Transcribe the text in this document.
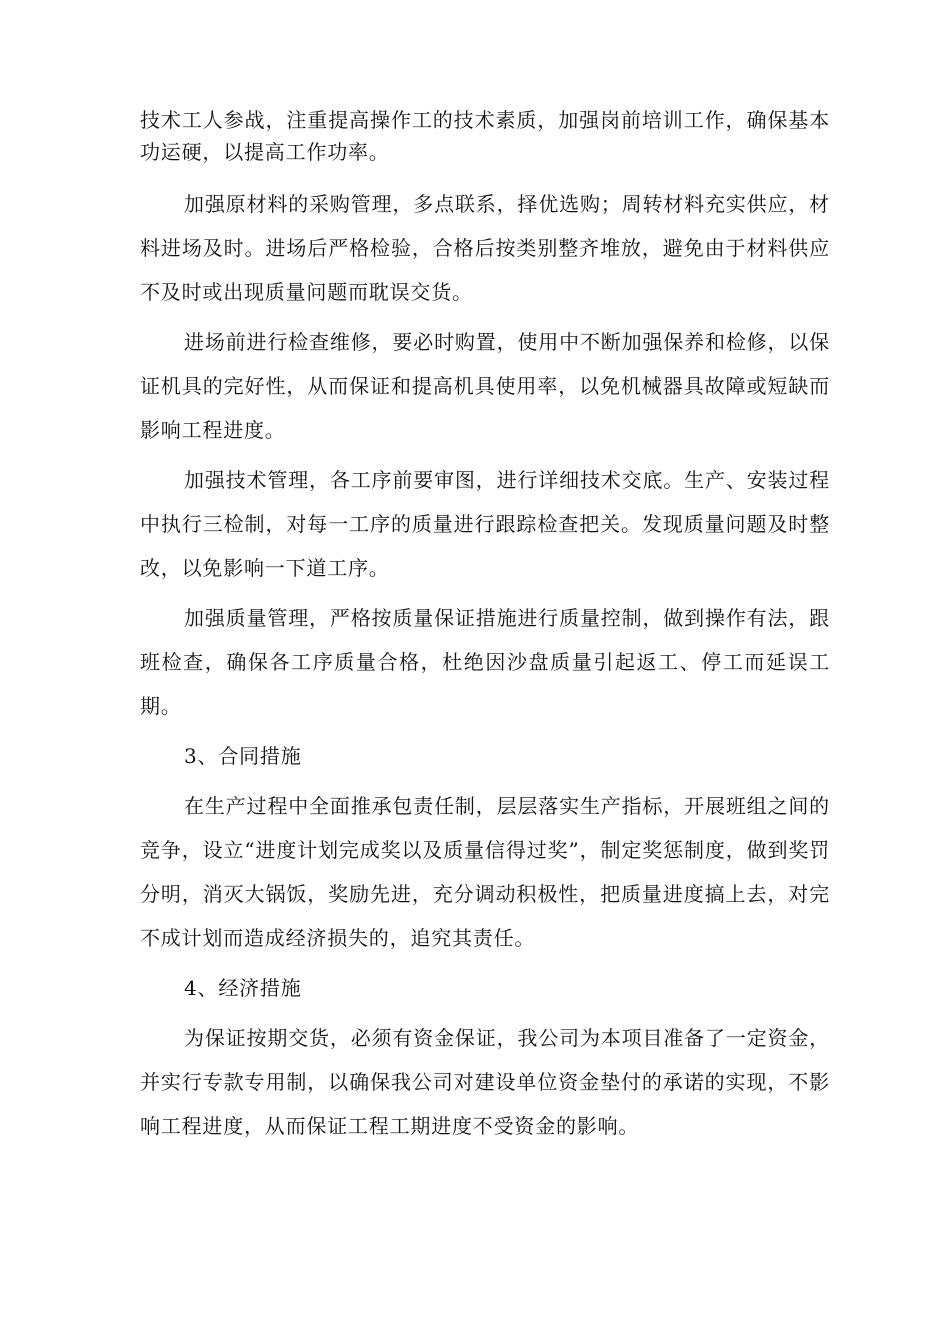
技术工人参战，注重提高操作工的技术素质，加强岗前培训工作，确保基本功运硬，以提高工作功率。

加强原材料的采购管理，多点联系，择优选购；周转材料充实供应，材料进场及时。进场后严格检验，合格后按类别整齐堆放，避免由于材料供应不及时或出现质量问题而耽误交货。

进场前进行检查维修，要必时购置，使用中不断加强保养和检修，以保证机具的完好性，从而保证和提高机具使用率，以免机械器具故障或短缺而影响工程进度。

加强技术管理，各工序前要审图，进行详细技术交底。生产、安装过程中执行三检制，对每一工序的质量进行跟踪检查把关。发现质量问题及时整改，以免影响一下道工序。

加强质量管理，严格按质量保证措施进行质量控制，做到操作有法，跟班检查，确保各工序质量合格，杜绝因沙盘质量引起返工、停工而延误工期。

3、合同措施

在生产过程中全面推承包责任制，层层落实生产指标，开展班组之间的竞争，设立“进度计划完成奖以及质量信得过奖”，制定奖惩制度，做到奖罚分明，消灭大锅饭，奖励先进，充分调动积极性，把质量进度搞上去，对完不成计划而造成经济损失的，追究其责任。

4、经济措施

为保证按期交货，必须有资金保证，我公司为本项目准备了一定资金，并实行专款专用制，以确保我公司对建设单位资金垫付的承诺的实现，不影响工程进度，从而保证工程工期进度不受资金的影响。
